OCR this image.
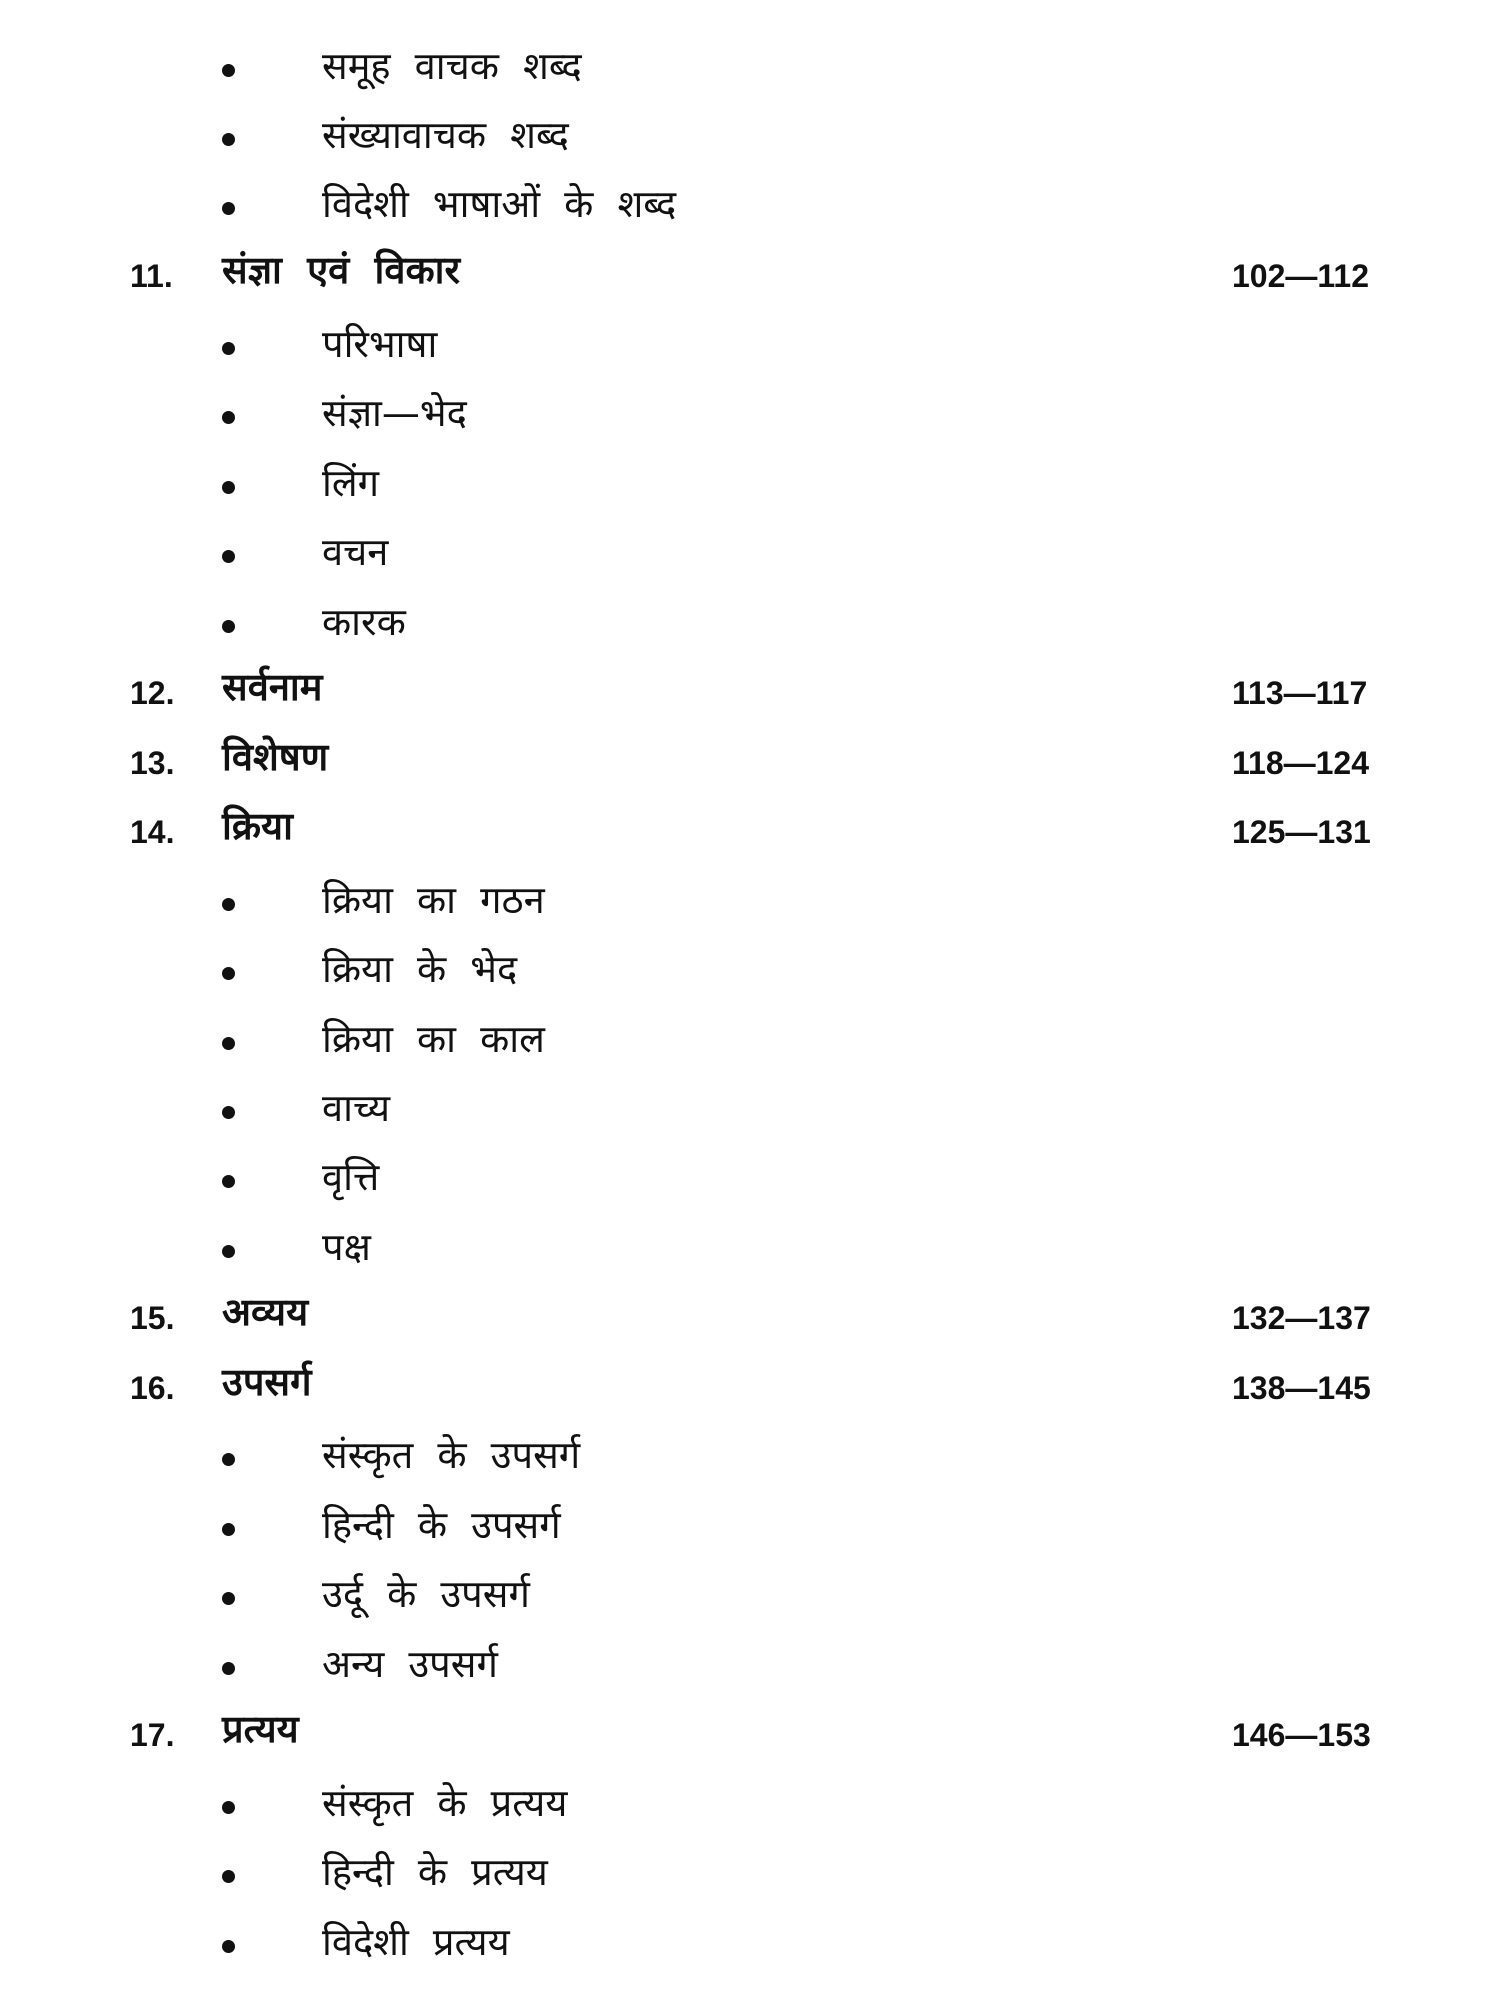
समूह वाचक शब्द
संख्यावाचक शब्द
विदेशी भाषाओं के शब्द
11. संज्ञा एवं विकार	102—112
परिभाषा
संज्ञा—भेद
लिंग
वचन
कारक
12. सर्वनाम	113—117
13. विशेषण	118—124
14. क्रिया	125—131
क्रिया का गठन
क्रिया के भेद
क्रिया का काल
वाच्य
वृत्ति
पक्ष
15. अव्यय	132—137
16. उपसर्ग	138—145
संस्कृत के उपसर्ग
हिन्दी के उपसर्ग
उर्दू के उपसर्ग
अन्य उपसर्ग
17. प्रत्यय	146—153
संस्कृत के प्रत्यय
हिन्दी के प्रत्यय
विदेशी प्रत्यय
